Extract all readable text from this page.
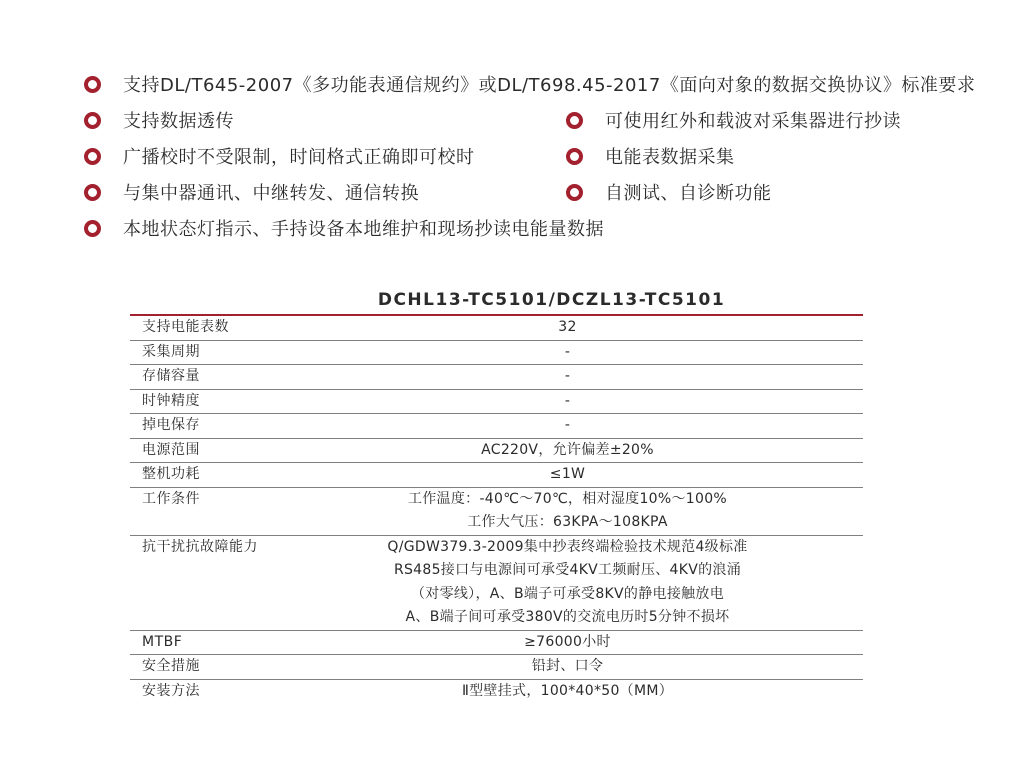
支持DL/T645-2007《多功能表通信规约》或DL/T698.45-2017《面向对象的数据交换协议》标准要求
支持数据透传	可使用红外和载波对采集器进行抄读
广播校时不受限制，时间格式正确即可校时	电能表数据采集
与集中器通讯、中继转发、通信转换	自测试、自诊断功能
本地状态灯指示、手持设备本地维护和现场抄读电能量数据
DCHL13-TC5101/DCZL13-TC5101
支持电能表数	32
采集周期	-
存储容量	-
时钟精度	-
掉电保存	-
电源范围	AC220V，允许偏差±20%
整机功耗	≤1W
工作条件	工作温度：-40℃～70℃，相对湿度10%～100%
工作大气压：63KPA～108KPA
抗干扰抗故障能力	Q/GDW379.3-2009集中抄表终端检验技术规范4级标准
RS485接口与电源间可承受4KV工频耐压、4KV的浪涌
（对零线），A、B端子可承受8KV的静电接触放电
A、B端子间可承受380V的交流电历时5分钟不损坏
MTBF	≥76000小时
安全措施	铅封、口令
安装方法	Ⅱ型壁挂式，100*40*50（MM）
